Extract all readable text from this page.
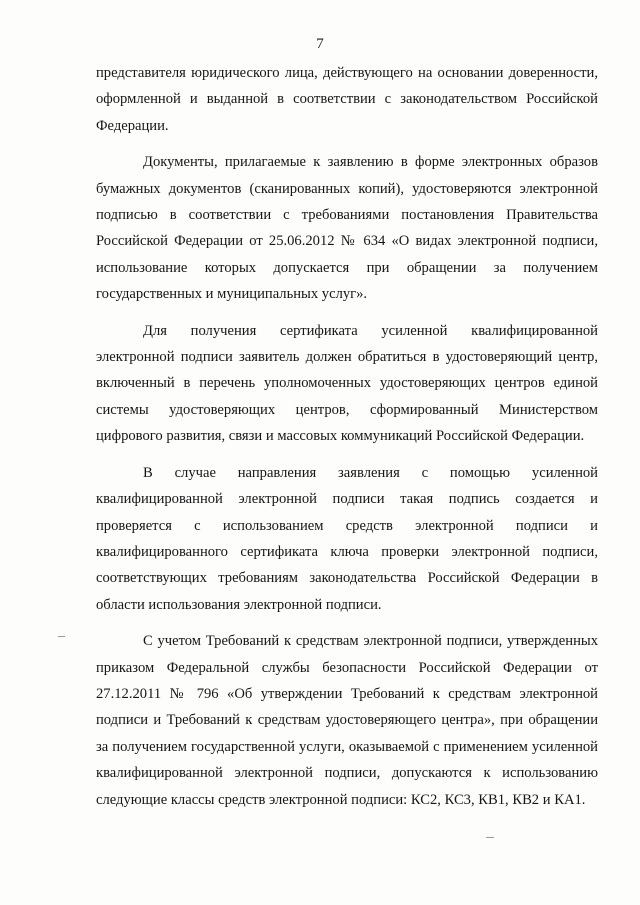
7

представителя юридического лица, действующего на основании доверенности, оформленной и выданной в соответствии с законодательством Российской Федерации.

Документы, прилагаемые к заявлению в форме электронных образов бумажных документов (сканированных копий), удостоверяются электронной подписью в соответствии с требованиями постановления Правительства Российской Федерации от 25.06.2012 № 634 «О видах электронной подписи, использование которых допускается при обращении за получением государственных и муниципальных услуг».

Для получения сертификата усиленной квалифицированной электронной подписи заявитель должен обратиться в удостоверяющий центр, включенный в перечень уполномоченных удостоверяющих центров единой системы удостоверяющих центров, сформированный Министерством цифрового развития, связи и массовых коммуникаций Российской Федерации.

В случае направления заявления с помощью усиленной квалифицированной электронной подписи такая подпись создается и проверяется с использованием средств электронной подписи и квалифицированного сертификата ключа проверки электронной подписи, соответствующих требованиям законодательства Российской Федерации в области использования электронной подписи.

С учетом Требований к средствам электронной подписи, утвержденных приказом Федеральной службы безопасности Российской Федерации от 27.12.2011 № 796 «Об утверждении Требований к средствам электронной подписи и Требований к средствам удостоверяющего центра», при обращении за получением государственной услуги, оказываемой с применением усиленной квалифицированной электронной подписи, допускаются к использованию следующие классы средств электронной подписи: КС2, КС3, КВ1, КВ2 и КА1.
